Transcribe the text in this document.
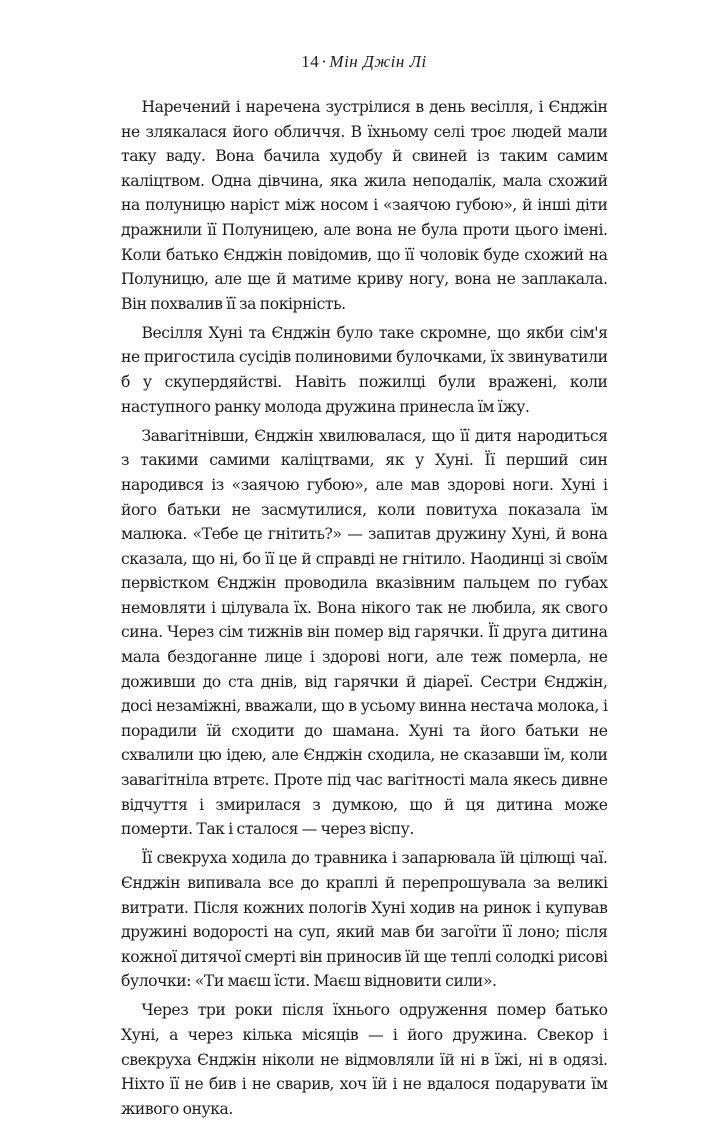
14 · Мін Джін Лі

Наречений і наречена зустрілися в день весілля, і Єнджін не злякалася його обличчя. В їхньому селі троє людей мали таку ваду. Вона бачила худобу й свиней із таким самим каліцтвом. Одна дівчина, яка жила неподалік, мала схожий на полуницю наріст між носом і «заячою губою», й інші діти дражнили її Полуницею, але вона не була проти цього імені. Коли батько Єнджін повідомив, що її чоловік буде схожий на Полуницю, але ще й матиме криву ногу, вона не заплакала. Він похвалив її за покірність.

Весілля Хуні та Єнджін було таке скромне, що якби сім'я не пригостила сусідів полиновими булочками, їх звинуватили б у скупердяйстві. Навіть пожилці були вражені, коли наступного ранку молода дружина принесла їм їжу.

Завагітнівши, Єнджін хвилювалася, що її дитя народиться з такими самими каліцтвами, як у Хуні. Її перший син народився із «заячою губою», але мав здорові ноги. Хуні і його батьки не засмутилися, коли повитуха показала їм малюка. «Тебе це гнітить?» — запитав дружину Хуні, й вона сказала, що ні, бо її це й справді не гнітило. Наодинці зі своїм первістком Єнджін проводила вказівним пальцем по губах немовляти і цілувала їх. Вона нікого так не любила, як свого сина. Через сім тижнів він помер від гарячки. Її друга дитина мала бездоганне лице і здорові ноги, але теж померла, не доживши до ста днів, від гарячки й діареї. Сестри Єнджін, досі незаміжні, вважали, що в усьому винна нестача молока, і порадили їй сходити до шамана. Хуні та його батьки не схвалили цю ідею, але Єнджін сходила, не сказавши їм, коли завагітніла втретє. Проте під час вагітності мала якесь дивне відчуття і змирилася з думкою, що й ця дитина може померти. Так і сталося — через віспу.

Її свекруха ходила до травника і запарювала їй цілющі чаї. Єнджін випивала все до краплі й перепрошувала за великі витрати. Після кожних пологів Хуні ходив на ринок і купував дружині водорості на суп, який мав би загоїти її лоно; після кожної дитячої смерті він приносив їй ще теплі солодкі рисові булочки: «Ти маєш їсти. Маєш відновити сили».

Через три роки після їхнього одруження помер батько Хуні, а через кілька місяців — і його дружина. Свекор і свекруха Єнджін ніколи не відмовляли їй ні в їжі, ні в одязі. Ніхто її не бив і не сварив, хоч їй і не вдалося подарувати їм живого онука.
